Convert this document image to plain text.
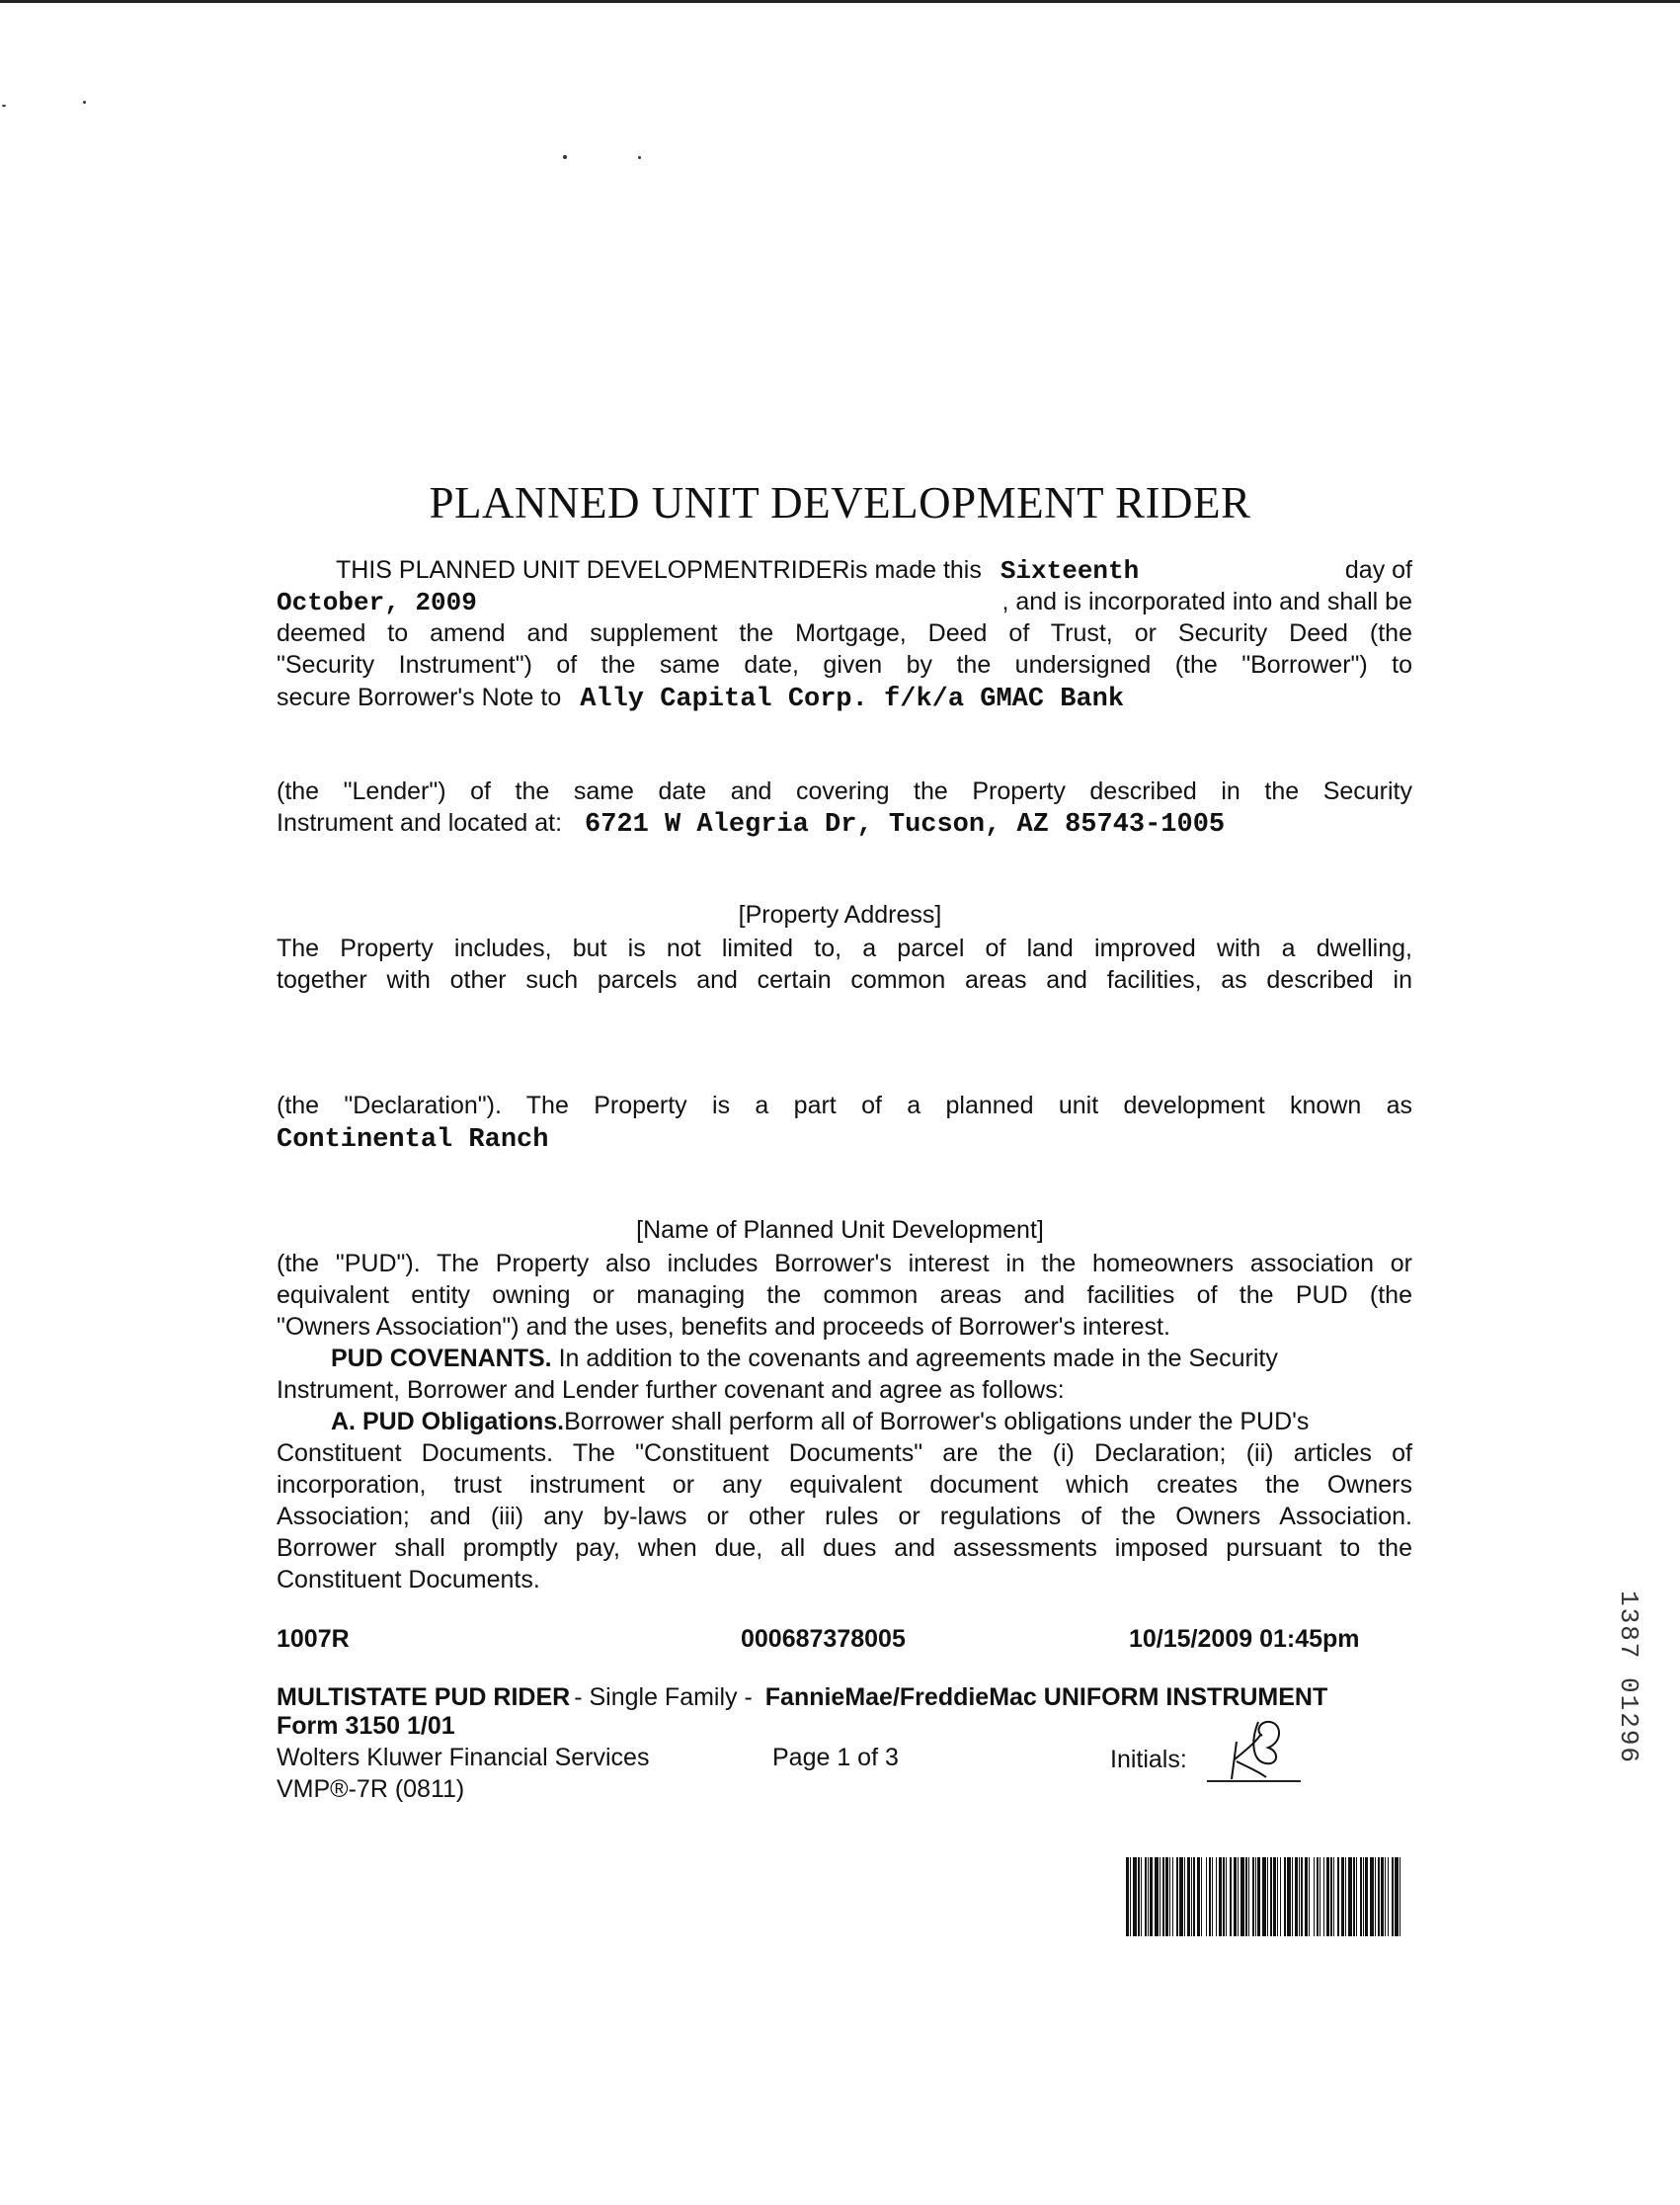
PLANNED UNIT DEVELOPMENT RIDER
THIS PLANNED UNIT DEVELOPMENTRIDERis made this Sixteenth	day of
October, 2009	, and is incorporated into and shall be
deemed to amend and supplement the Mortgage, Deed of Trust, or Security Deed (the
"Security Instrument") of the same date, given by the undersigned (the "Borrower") to
secure Borrower's Note to Ally Capital Corp. f/k/a GMAC Bank
(the "Lender") of the same date and covering the Property described in the Security
Instrument and located at: 6721 W Alegria Dr, Tucson, AZ 85743-1005
[Property Address]
The Property includes, but is not limited to, a parcel of land improved with a dwelling,
together with other such parcels and certain common areas and facilities, as described in
(the "Declaration"). The Property is a part of a planned unit development known as
Continental Ranch
[Name of Planned Unit Development]
(the "PUD"). The Property also includes Borrower's interest in the homeowners association or
equivalent entity owning or managing the common areas and facilities of the PUD (the
"Owners Association") and the uses, benefits and proceeds of Borrower's interest.
PUD COVENANTS. In addition to the covenants and agreements made in the Security
Instrument, Borrower and Lender further covenant and agree as follows:
A. PUD Obligations.Borrower shall perform all of Borrower's obligations under the PUD's
Constituent Documents. The "Constituent Documents" are the (i) Declaration; (ii) articles of
incorporation, trust instrument or any equivalent document which creates the Owners
Association; and (iii) any by-laws or other rules or regulations of the Owners Association.
Borrower shall promptly pay, when due, all dues and assessments imposed pursuant to the
Constituent Documents.
1007R	000687378005	10/15/2009 01:45pm
MULTISTATE PUD RIDER - Single Family - FannieMae/FreddieMac UNIFORM INSTRUMENT
Form 3150 1/01
Wolters Kluwer Financial Services	Page 1 of 3	Initials:
VMP®-7R (0811)
1387 01296
